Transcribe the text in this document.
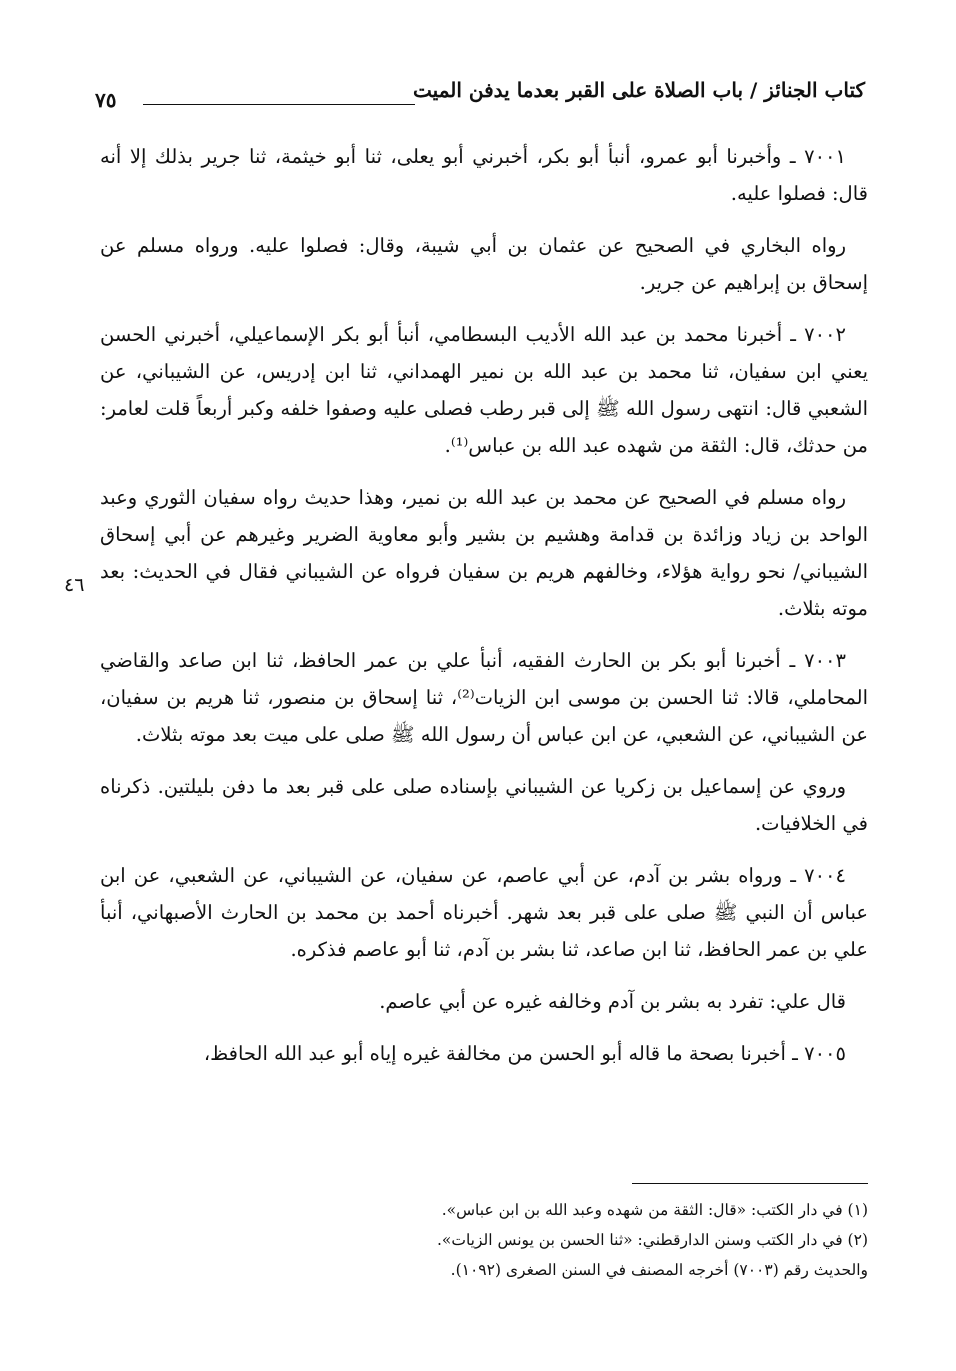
كتاب الجنائز / باب الصلاة على القبر بعدما يدفن الميت
٧٥
٤٦

٧٠٠١ ـ وأخبرنا أبو عمرو، أنبأ أبو بكر، أخبرني أبو يعلى، ثنا أبو خيثمة، ثنا جرير بذلك إلا أنه قال: فصلوا عليه.

رواه البخاري في الصحيح عن عثمان بن أبي شيبة، وقال: فصلوا عليه. ورواه مسلم عن إسحاق بن إبراهيم عن جرير.

٧٠٠٢ ـ أخبرنا محمد بن عبد الله الأديب البسطامي، أنبأ أبو بكر الإسماعيلي، أخبرني الحسن يعني ابن سفيان، ثنا محمد بن عبد الله بن نمير الهمداني، ثنا ابن إدريس، عن الشيباني، عن الشعبي قال: انتهى رسول الله ﷺ إلى قبر رطب فصلى عليه وصفوا خلفه وكبر أربعاً قلت لعامر: من حدثك، قال: الثقة من شهده عبد الله بن عباس⁽¹⁾.

رواه مسلم في الصحيح عن محمد بن عبد الله بن نمير، وهذا حديث رواه سفيان الثوري وعبد الواحد بن زياد وزائدة بن قدامة وهشيم بن بشير وأبو معاوية الضرير وغيرهم عن أبي إسحاق الشيباني/ نحو رواية هؤلاء، وخالفهم هريم بن سفيان فرواه عن الشيباني فقال في الحديث: بعد موته بثلاث.

٧٠٠٣ ـ أخبرنا أبو بكر بن الحارث الفقيه، أنبأ علي بن عمر الحافظ، ثنا ابن صاعد والقاضي المحاملي، قالا: ثنا الحسن بن موسى ابن الزيات⁽²⁾، ثنا إسحاق بن منصور، ثنا هريم بن سفيان، عن الشيباني، عن الشعبي، عن ابن عباس أن رسول الله ﷺ صلى على ميت بعد موته بثلاث.

وروي عن إسماعيل بن زكريا عن الشيباني بإسناده صلى على قبر بعد ما دفن بليلتين. ذكرناه في الخلافيات.

٧٠٠٤ ـ ورواه بشر بن آدم، عن أبي عاصم، عن سفيان، عن الشيباني، عن الشعبي، عن ابن عباس أن النبي ﷺ صلى على قبر بعد شهر. أخبرناه أحمد بن محمد بن الحارث الأصبهاني، أنبأ علي بن عمر الحافظ، ثنا ابن صاعد، ثنا بشر بن آدم، ثنا أبو عاصم فذكره.

قال علي: تفرد به بشر بن آدم وخالفه غيره عن أبي عاصم.

٧٠٠٥ ـ أخبرنا بصحة ما قاله أبو الحسن من مخالفة غيره إياه أبو عبد الله الحافظ،

(١) في دار الكتب: «قال: الثقة من شهده وعبد الله بن ابن عباس».

(٢) في دار الكتب وسنن الدارقطني: «ثنا الحسن بن يونس الزيات».

والحديث رقم (٧٠٠٣) أخرجه المصنف في السنن الصغرى (١٠٩٢).
